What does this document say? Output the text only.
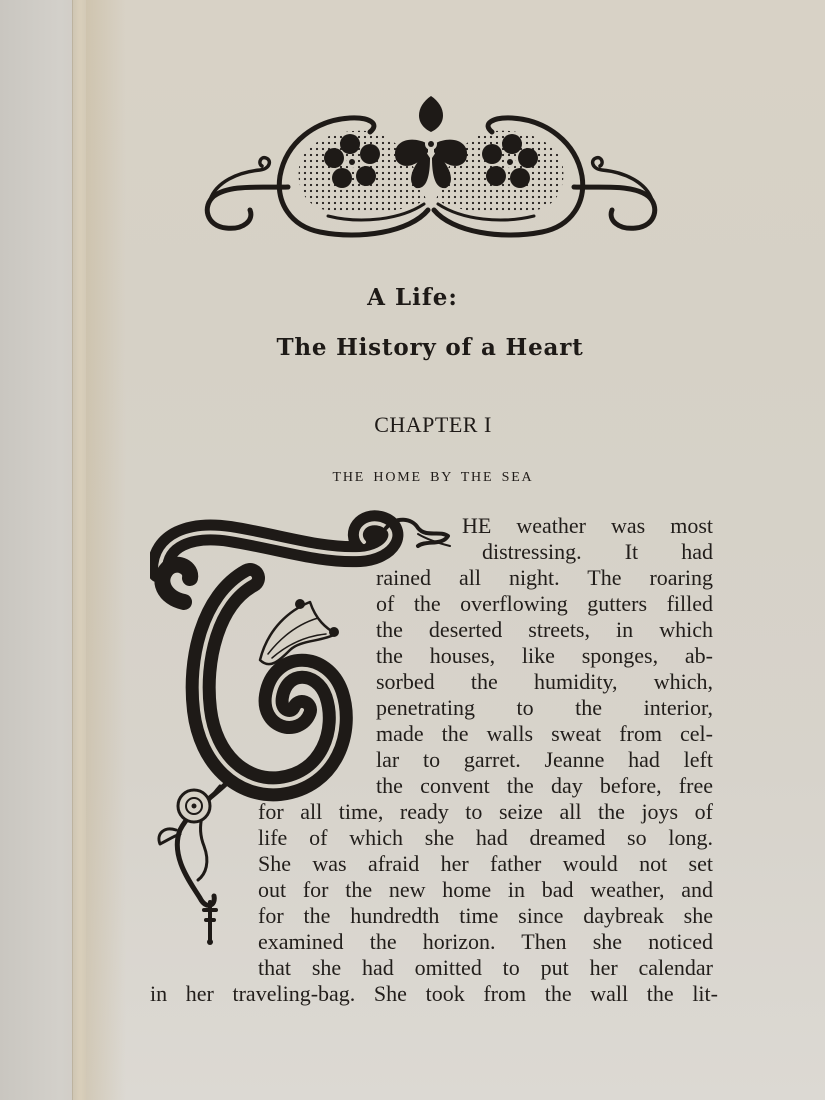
A Life:
The History of a Heart
CHAPTER I
THE HOME BY THE SEA
HE weather was most
distressing. It had
rained all night. The roaring
of the overflowing gutters filled
the deserted streets, in which
the houses, like sponges, ab-
sorbed the humidity, which,
penetrating to the interior,
made the walls sweat from cel-
lar to garret. Jeanne had left
the convent the day before, free
for all time, ready to seize all the joys of
life of which she had dreamed so long.
She was afraid her father would not set
out for the new home in bad weather, and
for the hundredth time since daybreak she
examined the horizon. Then she noticed
that she had omitted to put her calendar
in her traveling-bag. She took from the wall the lit-
